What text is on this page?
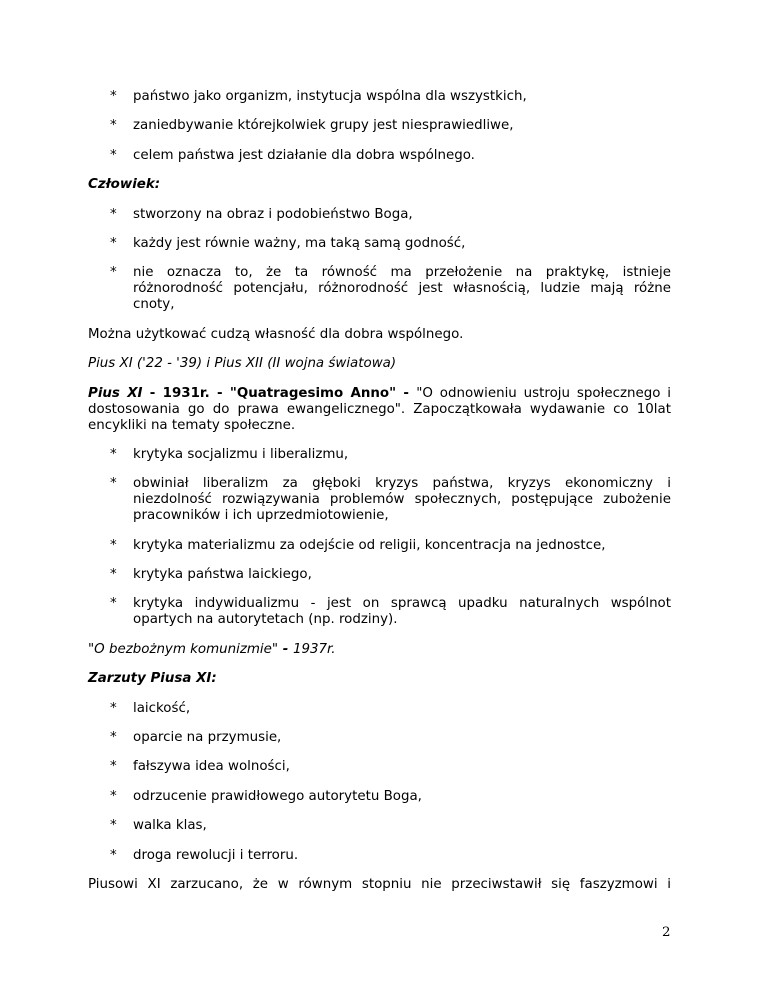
* państwo jako organizm, instytucja wspólna dla wszystkich,
* zaniedbywanie którejkolwiek grupy jest niesprawiedliwe,
* celem państwa jest działanie dla dobra wspólnego.
Człowiek:
* stworzony na obraz i podobieństwo Boga,
* każdy jest równie ważny, ma taką samą godność,
* nie oznacza to, że ta równość ma przełożenie na praktykę, istnieje różnorodność potencjału, różnorodność jest własnością, ludzie mają różne cnoty,
Można użytkować cudzą własność dla dobra wspólnego.
Pius XI ('22 - '39) i Pius XII (II wojna światowa)
Pius XI - 1931r. - "Quatragesimo Anno" - "O odnowieniu ustroju społecznego i dostosowania go do prawa ewangelicznego". Zapoczątkowała wydawanie co 10lat encykliki na tematy społeczne.
* krytyka socjalizmu i liberalizmu,
* obwiniał liberalizm za głęboki kryzys państwa, kryzys ekonomiczny i niezdolność rozwiązywania problemów społecznych, postępujące zubożenie pracowników i ich uprzedmiotowienie,
* krytyka materializmu za odejście od religii, koncentracja na jednostce,
* krytyka państwa laickiego,
* krytyka indywidualizmu - jest on sprawcą upadku naturalnych wspólnot opartych na autorytetach (np. rodziny).
"O bezbożnym komunizmie" - 1937r.
Zarzuty Piusa XI:
* laickość,
* oparcie na przymusie,
* fałszywa idea wolności,
* odrzucenie prawidłowego autorytetu Boga,
* walka klas,
* droga rewolucji i terroru.
Piusowi XI zarzucano, że w równym stopniu nie przeciwstawił się faszyzmowi i
2
